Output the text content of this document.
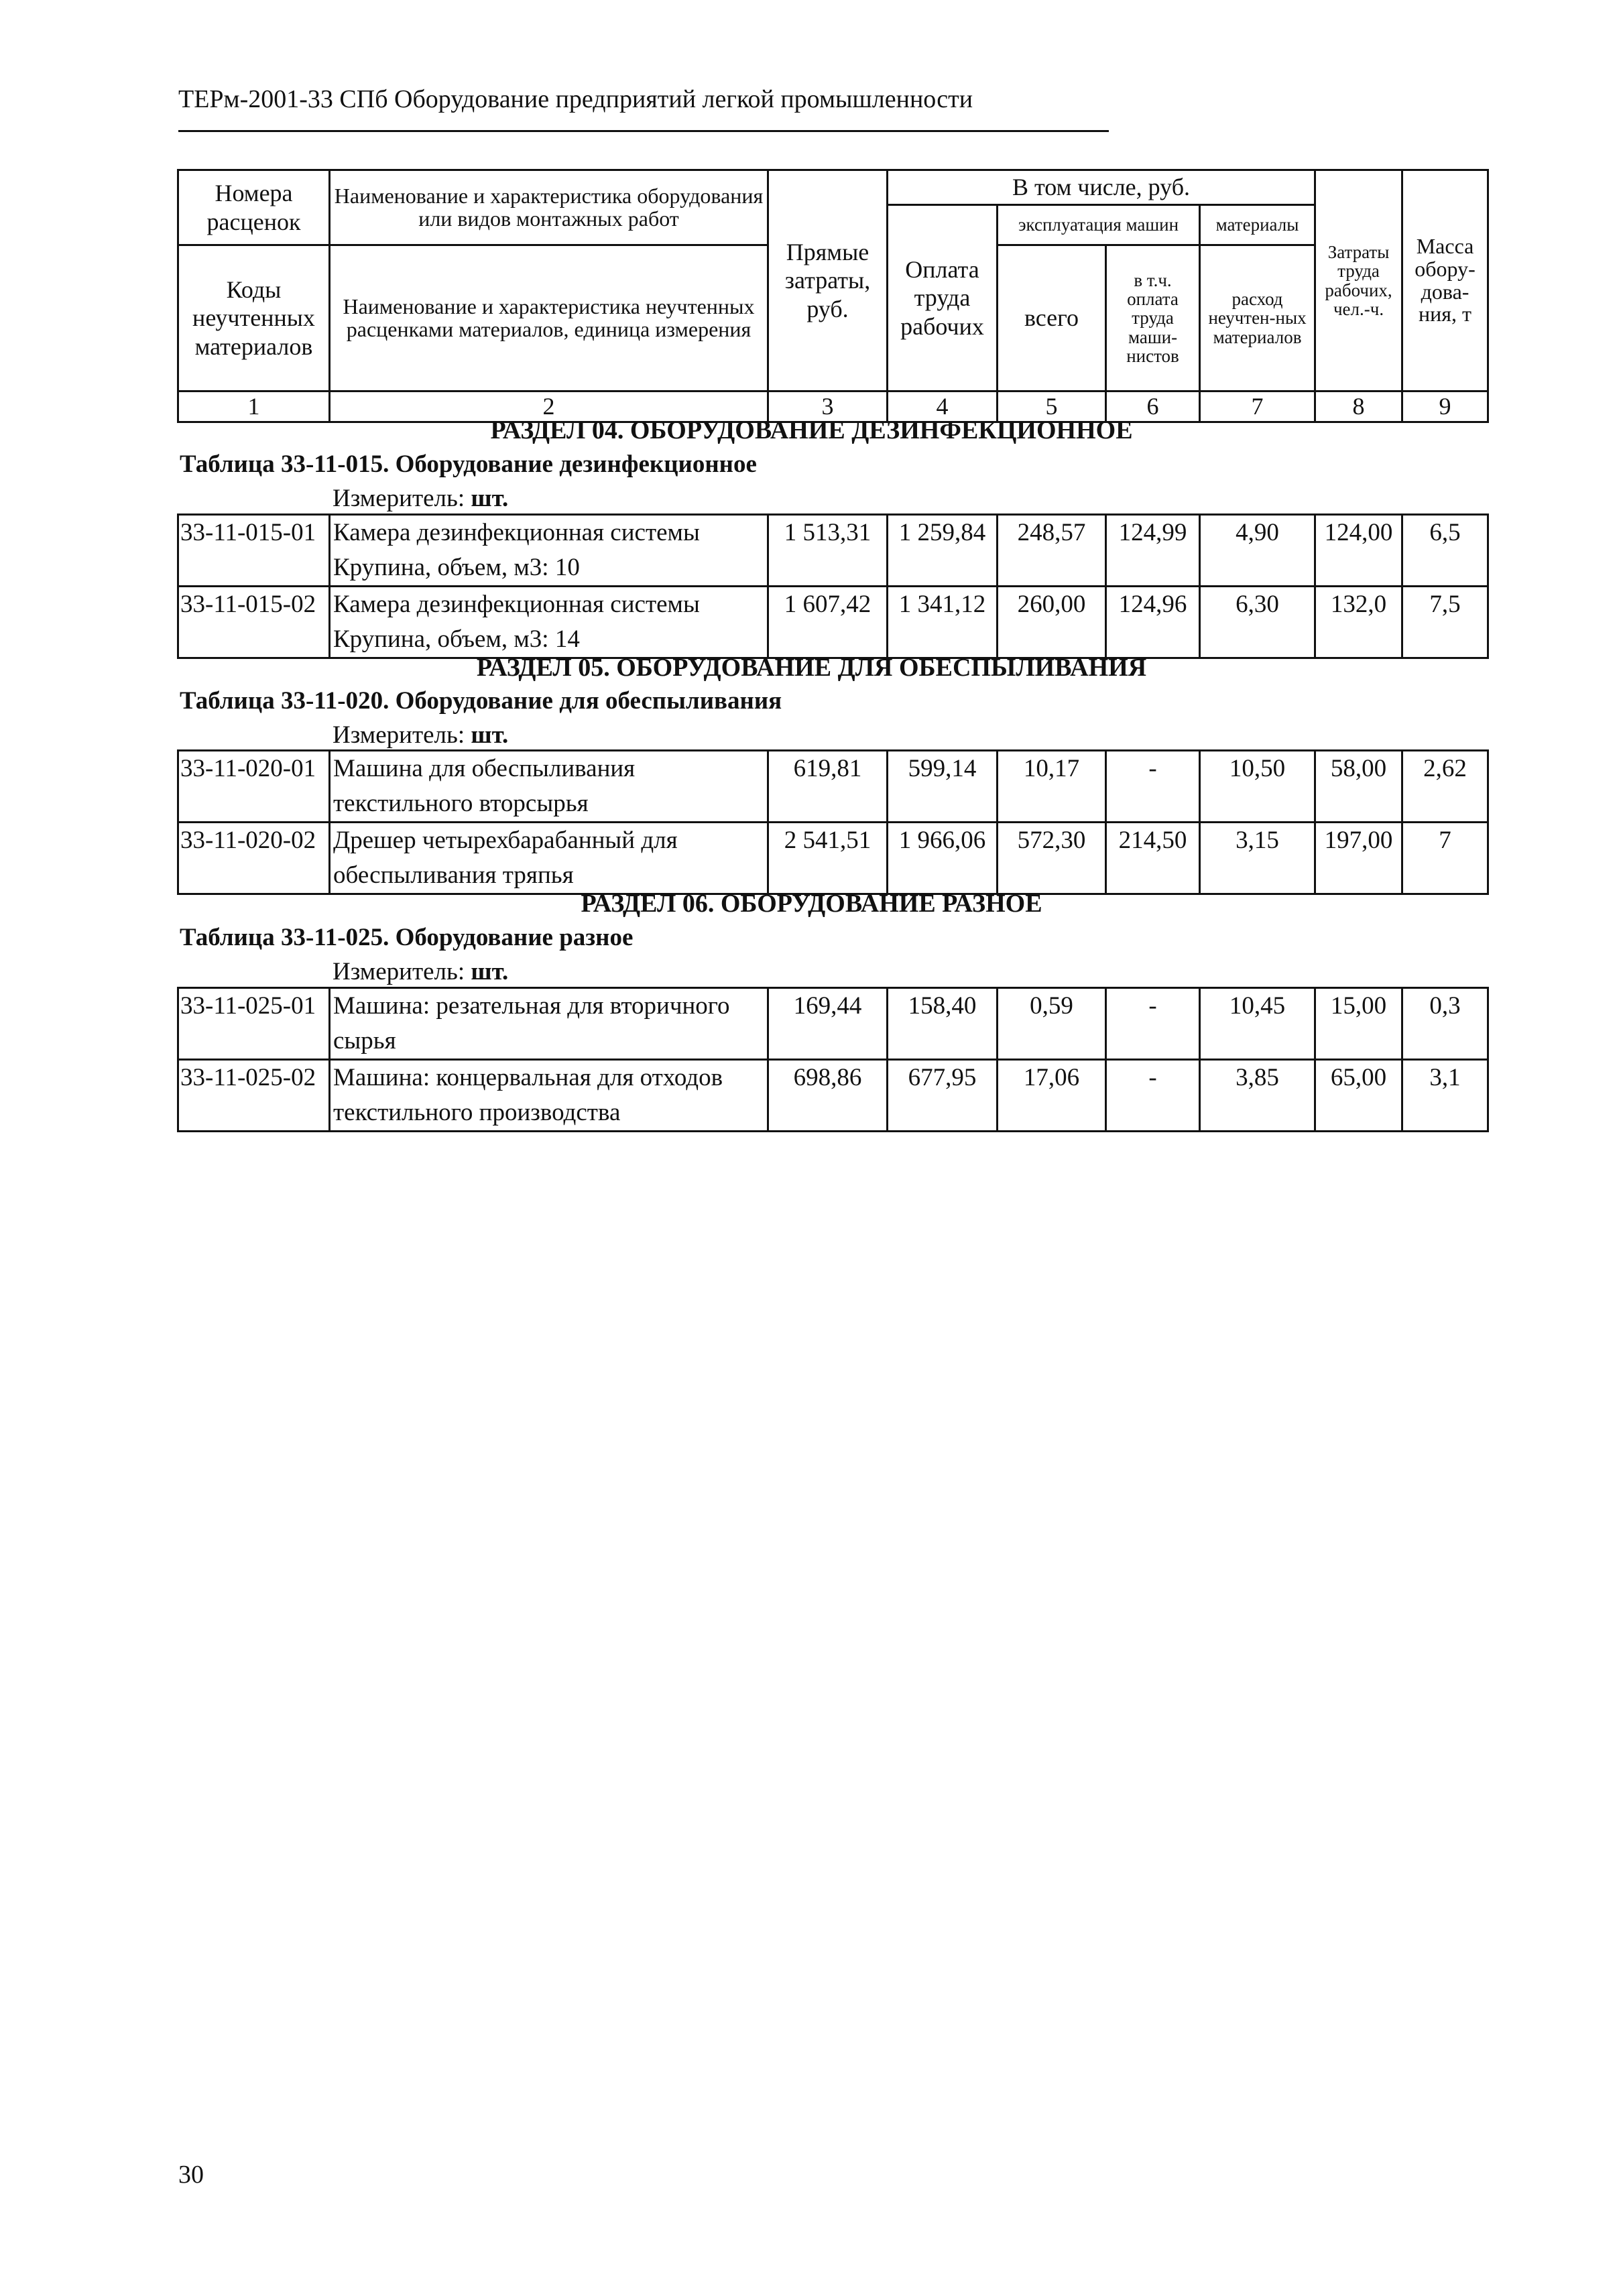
ТЕРм-2001-33 СПб Оборудование предприятий легкой промышленности
Номера расценок	Наименование и характеристика оборудования или видов монтажных работ	Прямые затраты, руб.	В том числе, руб.				Затраты труда рабочих, чел.-ч.	Масса обору-дова-ния, т
			Оплата труда рабочих	эксплуатация машин		материалы		
Коды неучтенных материалов	Наименование и характеристика неучтенных расценками материалов, единица измерения			всего	в т.ч. оплата труда маши-нистов	расход неучтен-ных материалов		

1	2	3	4	5	6	7	8	9
РАЗДЕЛ 04. ОБОРУДОВАНИЕ ДЕЗИНФЕКЦИОННОЕ
Таблица 33-11-015. Оборудование дезинфекционное
Измеритель: шт.
33-11-015-01	Камера дезинфекционная системы Крупина, объем, м3: 10	1 513,31	1 259,84	248,57	124,99	4,90	124,00	6,5
33-11-015-02	Камера дезинфекционная системы Крупина, объем, м3: 14	1 607,42	1 341,12	260,00	124,96	6,30	132,0	7,5
РАЗДЕЛ 05. ОБОРУДОВАНИЕ ДЛЯ ОБЕСПЫЛИВАНИЯ
Таблица 33-11-020. Оборудование для обеспыливания
Измеритель: шт.
33-11-020-01	Машина для обеспыливания текстильного вторсырья	619,81	599,14	10,17	-	10,50	58,00	2,62
33-11-020-02	Дрешер четырехбарабанный для обеспыливания тряпья	2 541,51	1 966,06	572,30	214,50	3,15	197,00	7
РАЗДЕЛ 06. ОБОРУДОВАНИЕ РАЗНОЕ
Таблица 33-11-025. Оборудование разное
Измеритель: шт.
33-11-025-01	Машина: резательная для вторичного сырья	169,44	158,40	0,59	-	10,45	15,00	0,3
33-11-025-02	Машина: концервальная для отходов текстильного производства	698,86	677,95	17,06	-	3,85	65,00	3,1
30
